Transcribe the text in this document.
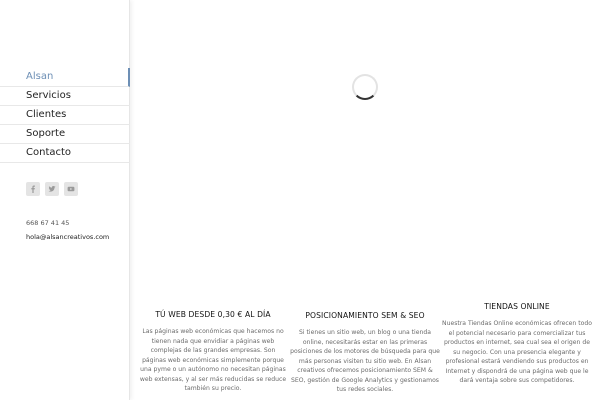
Alsan
Servicios
Clientes
Soporte
Contacto
668 67 41 45
hola@alsancreativos.com
TÚ WEB DESDE 0,30 € AL DÍA

Las páginas web económicas que hacemos no tienen nada que envidiar a páginas web complejas de las grandes empresas. Son páginas web económicas simplemente porque una pyme o un autónomo no necesitan páginas web extensas, y al ser más reducidas se reduce también su precio.

POSICIONAMIENTO SEM & SEO

Si tienes un sitio web, un blog o una tienda online, necesitarás estar en las primeras posiciones de los motores de búsqueda para que más personas visiten tu sitio web. En Alsan creativos ofrecemos posicionamiento SEM & SEO, gestión de Google Analytics y gestionamos tus redes sociales.

TIENDAS ONLINE

Nuestra Tiendas Online económicas ofrecen todo el potencial necesario para comercializar tus productos en internet, sea cual sea el origen de su negocio. Con una presencia elegante y profesional estará vendiendo sus productos en Internet y dispondrá de una página web que le dará ventaja sobre sus competidores.
